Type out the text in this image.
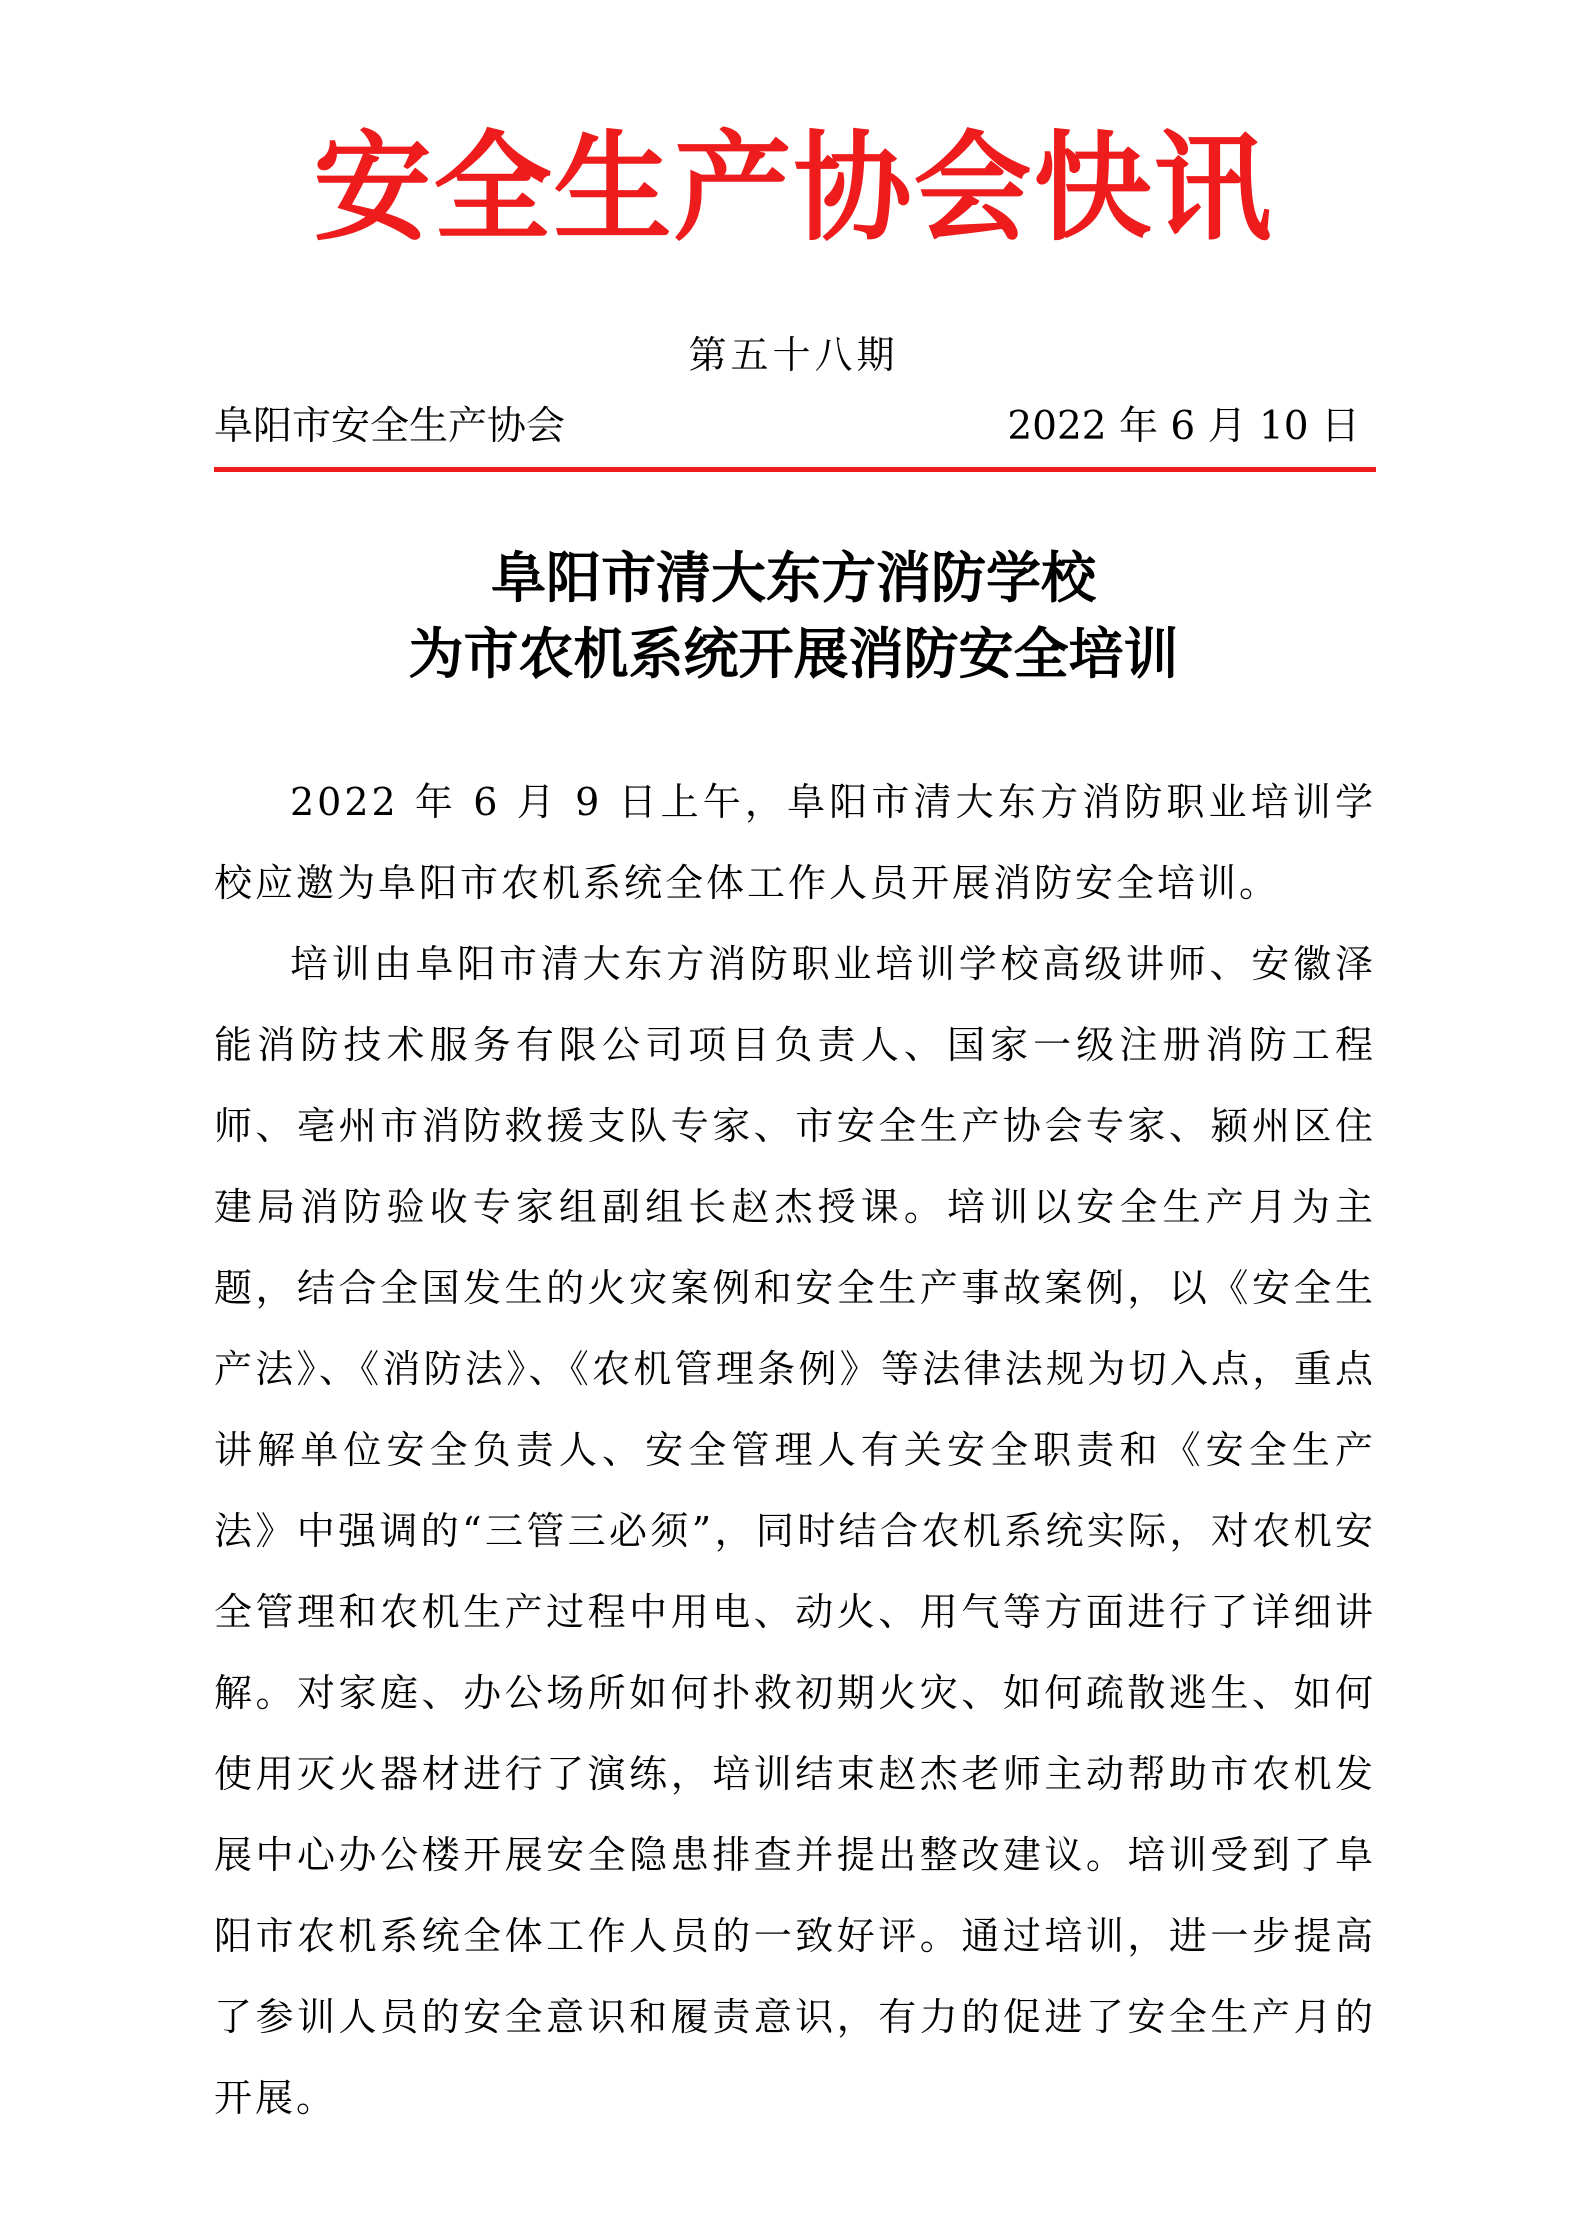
安全生产协会快讯
第五十八期
阜阳市安全生产协会	2022 年 6 月 10 日
阜阳市清大东方消防学校
为市农机系统开展消防安全培训

2022 年 6 月 9 日上午，阜阳市清大东方消防职业培训学校应邀为阜阳市农机系统全体工作人员开展消防安全培训。

培训由阜阳市清大东方消防职业培训学校高级讲师、安徽泽能消防技术服务有限公司项目负责人、国家一级注册消防工程师、亳州市消防救援支队专家、市安全生产协会专家、颍州区住建局消防验收专家组副组长赵杰授课。培训以安全生产月为主题，结合全国发生的火灾案例和安全生产事故案例，以《安全生产法》、《消防法》、《农机管理条例》等法律法规为切入点，重点讲解单位安全负责人、安全管理人有关安全职责和《安全生产法》中强调的“三管三必须”，同时结合农机系统实际，对农机安全管理和农机生产过程中用电、动火、用气等方面进行了详细讲解。对家庭、办公场所如何扑救初期火灾、如何疏散逃生、如何使用灭火器材进行了演练，培训结束赵杰老师主动帮助市农机发展中心办公楼开展安全隐患排查并提出整改建议。培训受到了阜阳市农机系统全体工作人员的一致好评。通过培训，进一步提高了参训人员的安全意识和履责意识，有力的促进了安全生产月的开展。
